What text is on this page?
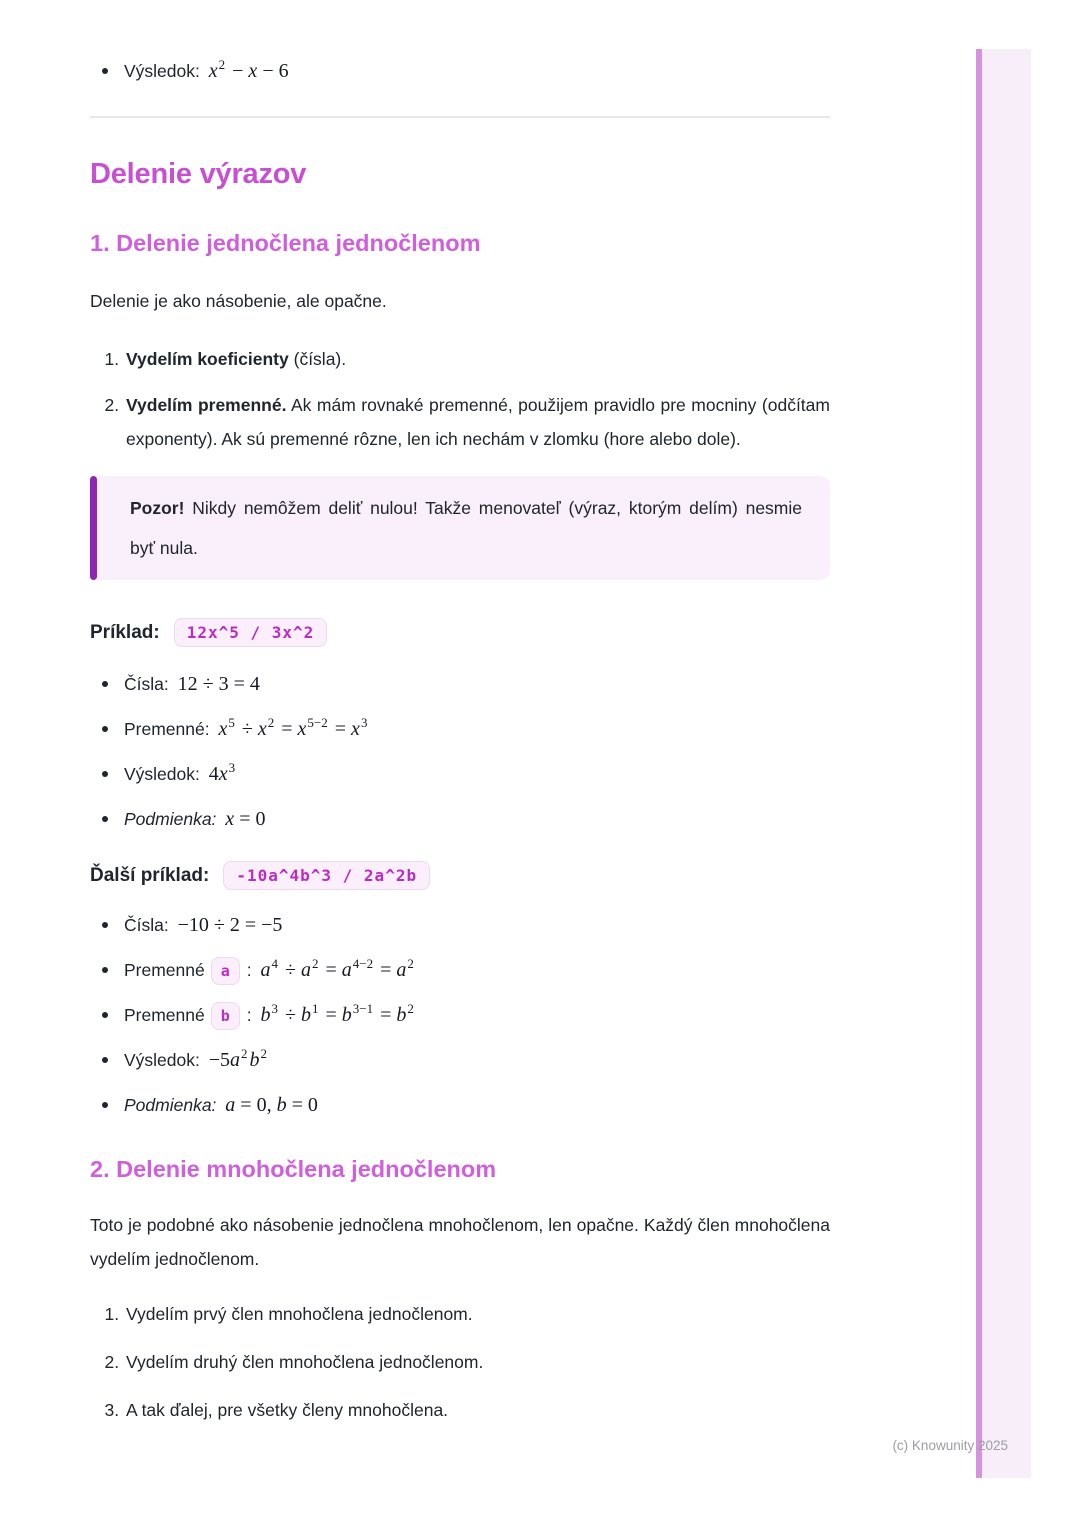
(c) Knowunity 2025
Výsledok: $x^2 - x - 6$
Delenie výrazov
1. Delenie jednočlena jednočlenom

Delenie je ako násobenie, ale opačne.

1. Vydelím koeficienty (čísla).
2. Vydelím premenné. Ak mám rovnaké premenné, použijem pravidlo pre mocniny (odčítam exponenty). Ak sú premenné rôzne, len ich nechám v zlomku (hore alebo dole).
Pozor! Nikdy nemôžem deliť nulou! Takže menovateľ (výraz, ktorým delím) nesmie byť nula.
Príklad:	12x^5 / 3x^2
Čísla: 12 ÷ 3 = 4
Premenné: $x^5 \div x^2 = x^{5-2} = x^3$
Výsledok: $4x^3$
Podmienka: x = 0
Ďalší príklad:	-10a^4b^3 / 2a^2b
Čísla: −10 ÷ 2 = −5
Premenné a : $a^4 \div a^2 = a^{4-2} = a^2$
Premenné b : $b^3 \div b^1 = b^{3-1} = b^2$
Výsledok: $-5a^2$ $b^2$
Podmienka: a = 0, b = 0
2. Delenie mnohočlena jednočlenom

Toto je podobné ako násobenie jednočlena mnohočlenom, len opačne. Každý člen mnohočlena vydelím jednočlenom.

1. Vydelím prvý člen mnohočlena jednočlenom.
2. Vydelím druhý člen mnohočlena jednočlenom.
3. A tak ďalej, pre všetky členy mnohočlena.
